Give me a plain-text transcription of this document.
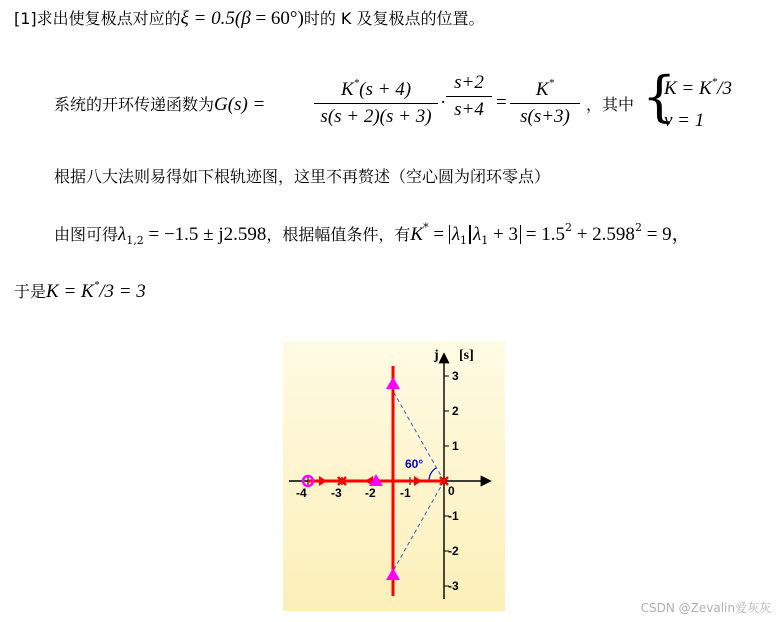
[1]求出使复极点对应的ξ = 0.5(β = 60°)时的 K 及复极点的位置。
系统的开环传递函数为G(s) =
K*(s + 4)
s(s + 2)(s + 3)
·
s+2
s+4 =
K*
s(s+3)
，其中 {
K = K*/3
v = 1
根据八大法则易得如下根轨迹图，这里不再赘述（空心圆为闭环零点）
由图可得$\lambda_{1,2} = -1.5 \pm j2.598$，根据幅值条件，有$K^* = \lambda_1$ $\lambda_1 + 3 = 1.5^2 + 2.598^2 = 9$，
于是K = K*/3 = 3
j [s]
-4 -3 -2 -1	0
3
2
1
-1
-2
-3
60°
CSDN @Zevalin爱灰灰
